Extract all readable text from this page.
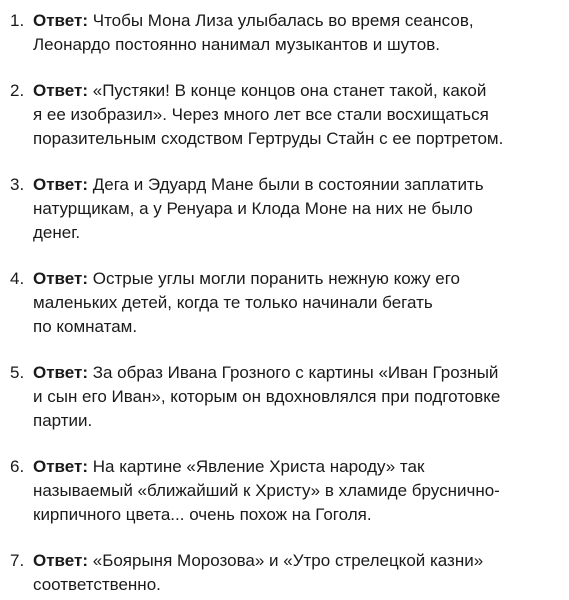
1. Ответ: Чтобы Мона Лиза улыбалась во время сеансов,
Леонардо постоянно нанимал музыкантов и шутов.
2. Ответ: «Пустяки! В конце концов она станет такой, какой
я ее изобразил». Через много лет все стали восхищаться
поразительным сходством Гертруды Стайн с ее портретом.
3. Ответ: Дега и Эдуард Мане были в состоянии заплатить
натурщикам, а у Ренуара и Клода Моне на них не было
денег.
4. Ответ: Острые углы могли поранить нежную кожу его
маленьких детей, когда те только начинали бегать
по комнатам.
5. Ответ: За образ Ивана Грозного с картины «Иван Грозный
и сын его Иван», которым он вдохновлялся при подготовке
партии.
6. Ответ: На картине «Явление Христа народу» так
называемый «ближайший к Христу» в хламиде бруснично-
кирпичного цвета... очень похож на Гоголя.
7. Ответ: «Боярыня Морозова» и «Утро стрелецкой казни»
соответственно.
